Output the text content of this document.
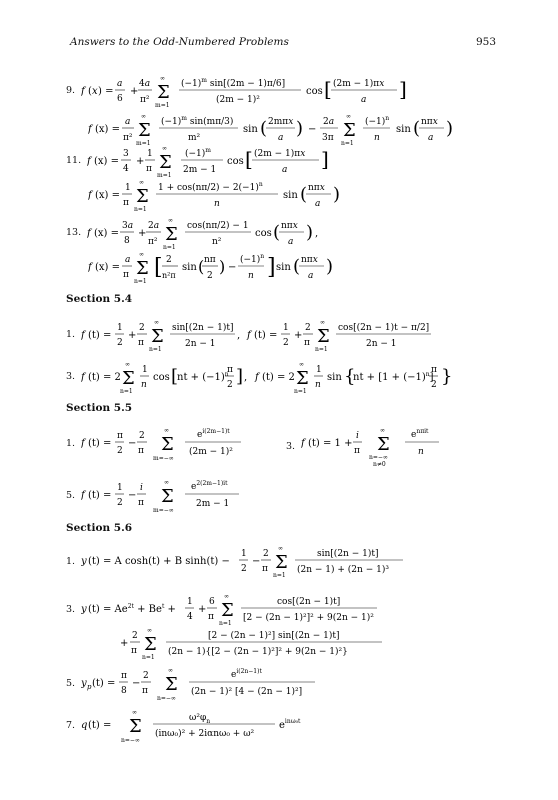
Answers to the Odd-Numbered Problems	953
9. f ( x ) =
a
6
+
4a
π² Σ
∞
m=1
$(-1)^m$ sin[(2m − 1)π/6]
(2m − 1)²
cos [ (2m − 1)πx
a ]
f (x) =
a
π² Σ
∞
m=1
$(-1)^m$ sin(mπ/3)
m²
sin ( 2mπx
a ) −
2a
3π Σ
∞
n=1
$(-1)^n$
n
sin ( nπx
a )
11. f (x) =
3
4
+
1
π Σ
∞
m=1
$(-1)^m$
2m − 1
cos [ (2m − 1)πx
a ]
f (x) =
1
π Σ
∞
n=1
$1 + \cos(n\pi/2) - 2(-1)^n$
n
sin ( nπx
a )
13. f (x) =
3a
8
+
2a
π² Σ
∞
n=1
cos(nπ/2) − 1
n²
cos ( nπx
a ) ,
f (x) =
a
π Σ
∞
n=1
[ 2
n²π
sin ( nπ
2 ) −
$(-1)^n$
n ] sin ( nπx
a )
Section 5.4
1. f (t) =
1
2
+
2
π Σ
∞
n=1
sin[(2n − 1)t]
2n − 1
, f (t) =
1
2
+
2
π Σ
∞
n=1
cos[(2n − 1)t − π/2]
2n − 1
3. f (t) = 2 Σ
∞
n=1
1
n
cos [
nt + $(-1)^n$
π
2 ] , f (t) = 2 Σ
∞
n=1
1
n
sin {
nt + $[1 + (-1)^n]$
π
2 }
Section 5.5
1. f (t) =
π
2
−
2
π Σ
∞
m=−∞
$e^{i(2m-1)t}$
(2m − 1)²
3. f (t) = 1 +
i
π Σ
∞
n=−∞
n≠0
$e^{n\pi it}$
n
5. f (t) =
1
2
−
i
π Σ
∞
m=−∞
$e^{2(2m-1)it}$
2m − 1
Section 5.6
1. y (t) = A cosh(t) + B sinh(t) −
1
2
−
2
π Σ
∞
n=1
sin[(2n − 1)t]
(2n − 1) + (2n − 1)³
3. y $(t) = Ae^{2t} + Be^t$ +
1
4
+
6
π Σ
∞
n=1
cos[(2n − 1)t]
[2 − (2n − 1)²]² + 9(2n − 1)²
+
2
π Σ
∞
n=1
[2 − (2n − 1)²] sin[(2n − 1)t]
(2n − 1){[2 − (2n − 1)²]² + 9(2n − 1)²}
5. y p (t) =
π
8
−
2
π Σ
∞
n=−∞
$e^{i(2n-1)t}$
(2n − 1)² [4 − (2n − 1)²]
7. q (t) = Σ
∞
n=−∞
$\omega^2\varphi_n$
(inω₀)² + 2iαnω₀ + ω²
$e^{in\omega_0t}$
